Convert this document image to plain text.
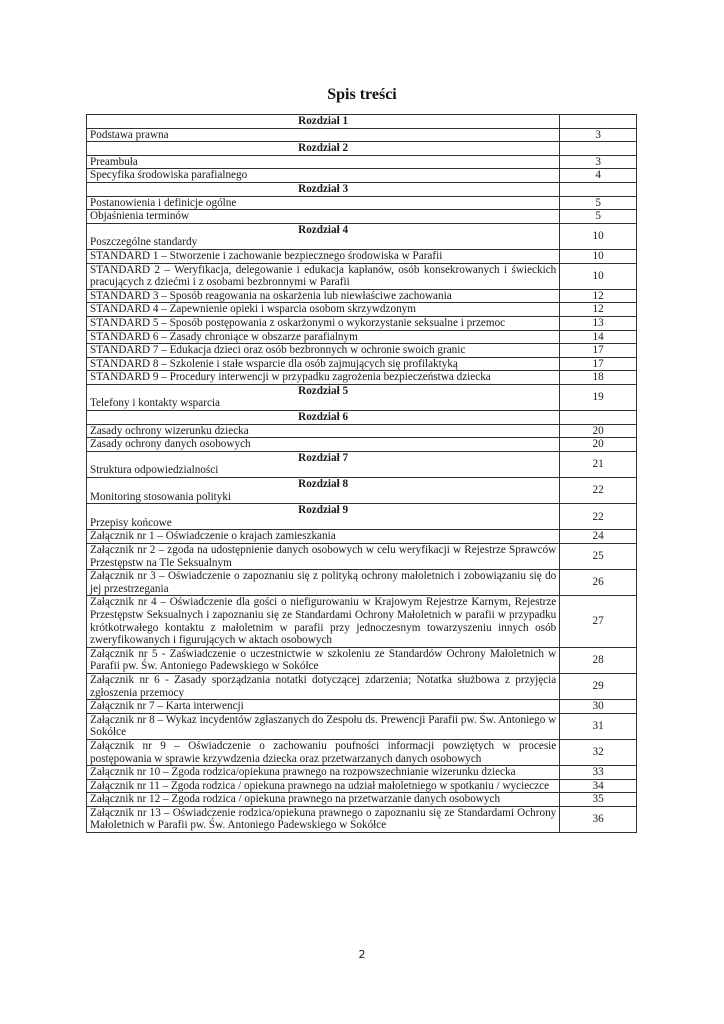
Spis treści
Rozdział 1	
Podstawa prawna	3
Rozdział 2	
Preambuła	3
Specyfika środowiska parafialnego	4
Rozdział 3	
Postanowienia i definicje ogólne	5
Objaśnienia terminów	5

Rozdział 4
Poszczególne standardy	10
STANDARD 1 – Stworzenie i zachowanie bezpiecznego środowiska w Parafii	10
STANDARD 2 – Weryfikacja, delegowanie i edukacja kapłanów, osób konsekrowanych i świeckich pracujących z dziećmi i z osobami bezbronnymi w Parafii	10
STANDARD 3 – Sposób reagowania na oskarżenia lub niewłaściwe zachowania	12
STANDARD 4 – Zapewnienie opieki i wsparcia osobom skrzywdzonym	12
STANDARD 5 – Sposób postępowania z oskarżonymi o wykorzystanie seksualne i przemoc	13
STANDARD 6 – Zasady chroniące w obszarze parafialnym	14
STANDARD 7 – Edukacja dzieci oraz osób bezbronnych w ochronie swoich granic	17
STANDARD 8 – Szkolenie i stałe wsparcie dla osób zajmujących się profilaktyką	17
STANDARD 9 – Procedury interwencji w przypadku zagrożenia bezpieczeństwa dziecka	18

Rozdział 5
Telefony i kontakty wsparcia	19
Rozdział 6	
Zasady ochrony wizerunku dziecka	20
Zasady ochrony danych osobowych	20

Rozdział 7
Struktura odpowiedzialności	21

Rozdział 8
Monitoring stosowania polityki	22

Rozdział 9
Przepisy końcowe	22
Załącznik nr 1 – Oświadczenie o krajach zamieszkania	24
Załącznik nr 2 – zgoda na udostępnienie danych osobowych w celu weryfikacji w Rejestrze Sprawców Przestępstw na Tle Seksualnym	25
Załącznik nr 3 – Oświadczenie o zapoznaniu się z polityką ochrony małoletnich i zobowiązaniu się do jej przestrzegania	26
Załącznik nr 4 – Oświadczenie dla gości o niefigurowaniu w Krajowym Rejestrze Karnym, Rejestrze Przestępstw Seksualnych i zapoznaniu się ze Standardami Ochrony Małoletnich w parafii w przypadku krótkotrwałego kontaktu z małoletnim w parafii przy jednoczesnym towarzyszeniu innych osób zweryfikowanych i figurujących w aktach osobowych	27
Załącznik nr 5 - Zaświadczenie o uczestnictwie w szkoleniu ze Standardów Ochrony Małoletnich w Parafii pw. Św. Antoniego Padewskiego w Sokółce	28
Załącznik nr 6 - Zasady sporządzania notatki dotyczącej zdarzenia; Notatka służbowa z przyjęcia zgłoszenia przemocy	29
Załącznik nr 7 – Karta interwencji	30
Załącznik nr 8 – Wykaz incydentów zgłaszanych do Zespołu ds. Prewencji Parafii pw. Św. Antoniego w Sokółce	31
Załącznik nr 9 – Oświadczenie o zachowaniu poufności informacji powziętych w procesie postępowania w sprawie krzywdzenia dziecka oraz przetwarzanych danych osobowych	32
Załącznik nr 10 – Zgoda rodzica/opiekuna prawnego na rozpowszechnianie wizerunku dziecka	33
Załącznik nr 11 – Zgoda rodzica / opiekuna prawnego na udział małoletniego w spotkaniu / wycieczce	34
Załącznik nr 12 – Zgoda rodzica / opiekuna prawnego na przetwarzanie danych osobowych	35
Załącznik nr 13 – Oświadczenie rodzica/opiekuna prawnego o zapoznaniu się ze Standardami Ochrony Małoletnich w Parafii pw. Św. Antoniego Padewskiego w Sokółce	36
2
